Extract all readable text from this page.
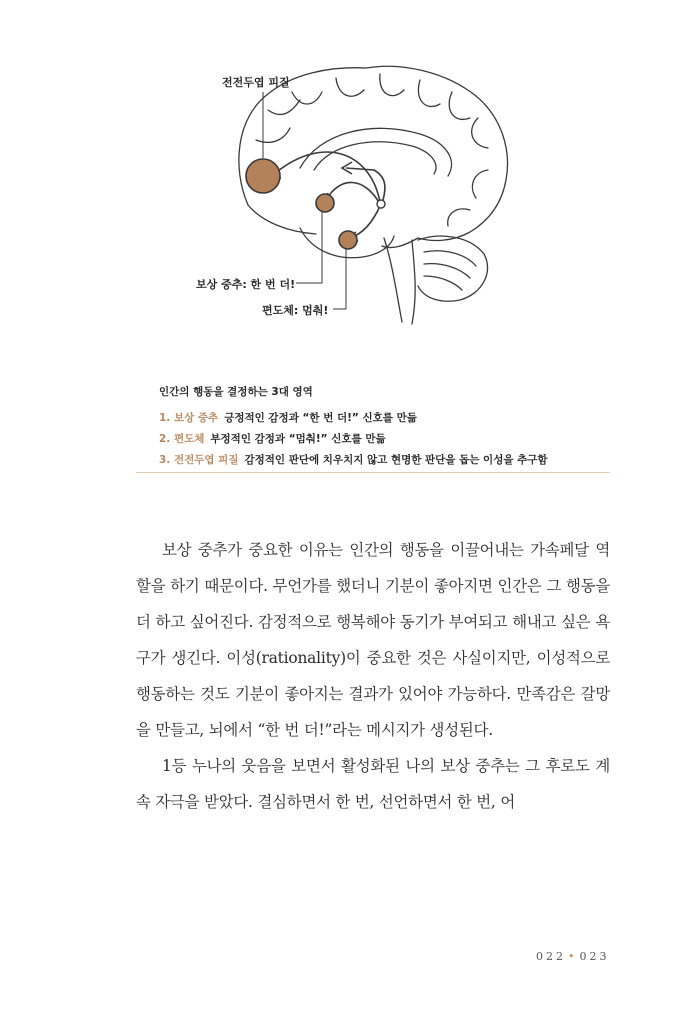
전전두엽 피질
보상 중추: 한 번 더!
편도체: 멈춰!
인간의 행동을 결정하는 3대 영역
1. 보상 중추 긍정적인 감정과 “한 번 더!” 신호를 만듦
2. 편도체 부정적인 감정과 “멈춰!” 신호를 만듦
3. 전전두엽 피질 감정적인 판단에 치우치지 않고 현명한 판단을 돕는 이성을 추구함

보상 중추가 중요한 이유는 인간의 행동을 이끌어내는 가속페달 역할을 하기 때문이다. 무언가를 했더니 기분이 좋아지면 인간은 그 행동을 더 하고 싶어진다. 감정적으로 행복해야 동기가 부여되고 해내고 싶은 욕구가 생긴다. 이성(rationality)이 중요한 것은 사실이지만, 이성적으로 행동하는 것도 기분이 좋아지는 결과가 있어야 가능하다. 만족감은 갈망을 만들고, 뇌에서 “한 번 더!”라는 메시지가 생성된다.

1등 누나의 웃음을 보면서 활성화된 나의 보상 중추는 그 후로도 계속 자극을 받았다. 결심하면서 한 번, 선언하면서 한 번, 어

022 • 023
